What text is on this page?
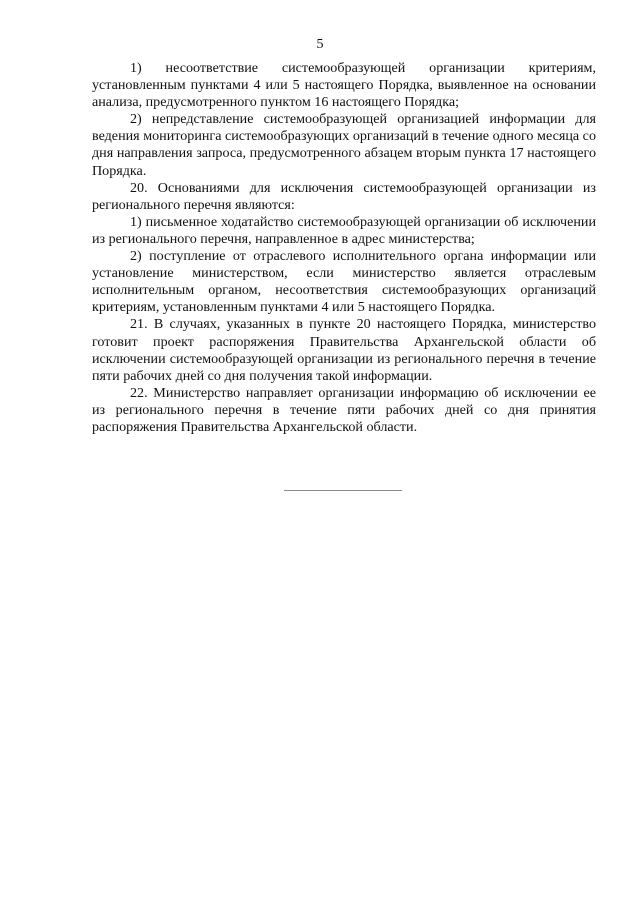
5

1) несоответствие системообразующей организации критериям, установленным пунктами 4 или 5 настоящего Порядка, выявленное на основании анализа, предусмотренного пунктом 16 настоящего Порядка;

2) непредставление системообразующей организацией информации для ведения мониторинга системообразующих организаций в течение одного месяца со дня направления запроса, предусмотренного абзацем вторым пункта 17 настоящего Порядка.

20. Основаниями для исключения системообразующей организации из регионального перечня являются:

1) письменное ходатайство системообразующей организации об исключении из регионального перечня, направленное в адрес министерства;

2) поступление от отраслевого исполнительного органа информации или установление министерством, если министерство является отраслевым исполнительным органом, несоответствия системообразующих организаций критериям, установленным пунктами 4 или 5 настоящего Порядка.

21. В случаях, указанных в пункте 20 настоящего Порядка, министерство готовит проект распоряжения Правительства Архангельской области об исключении системообразующей организации из регионального перечня в течение пяти рабочих дней со дня получения такой информации.

22. Министерство направляет организации информацию об исключении ее из регионального перечня в течение пяти рабочих дней со дня принятия распоряжения Правительства Архангельской области.
